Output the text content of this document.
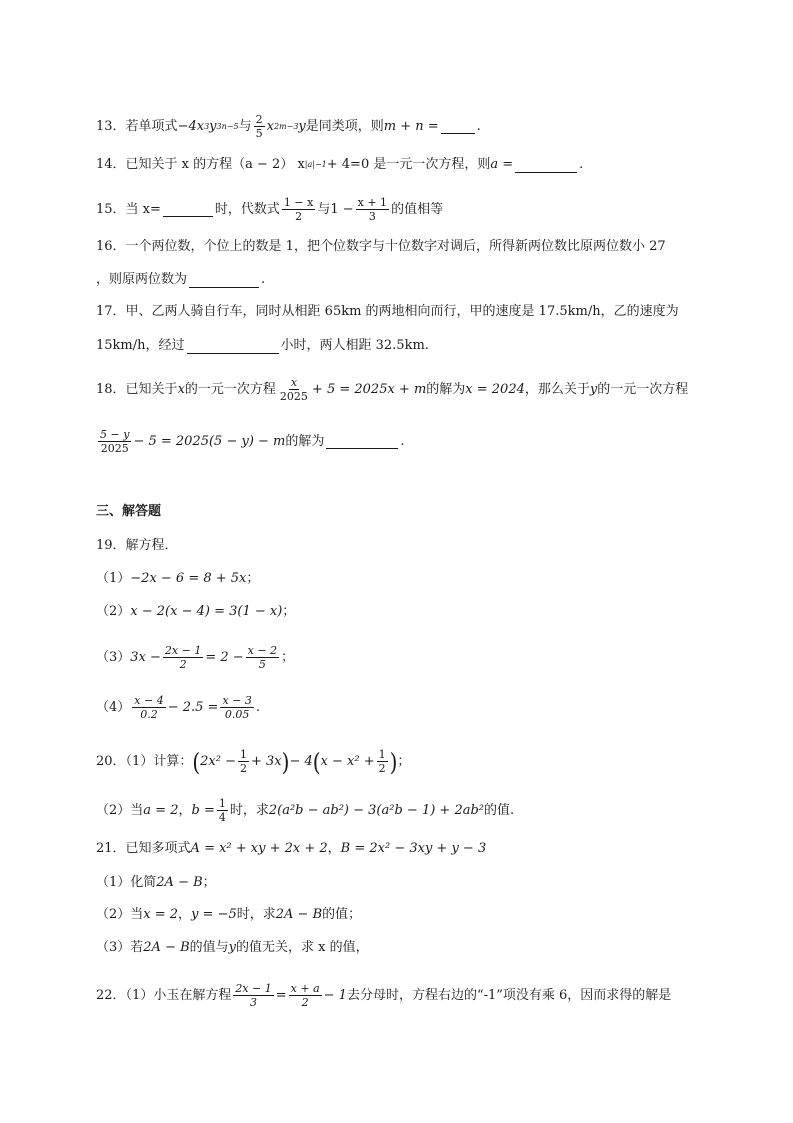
13． 若单项式 −4 x 3 y 3n−5 与 $\frac{2}{5}$ x 2m−3 y 是同类项，则 m + n =	.
14． 已知关于 x 的方程（a − 2） x |a|−1 + 4=0 是一元一次方程，则 a =	.
15． 当 x=	时，代数式 $\frac{1 - x}{2}$ 与$1 - \frac{x + 1}{3}$ 的值相等
16．一个两位数，个位上的数是 1，把个位数字与十位数字对调后，所得新两位数比原两位数小 27
，则原两位数为	.
17．甲、乙两人骑自行车，同时从相距 65km 的两地相向而行，甲的速度是 17.5km/h，乙的速度为
15km/h，经过	小时，两人相距 32.5km.
18． 已知关于 x 的一元一次方程 $\frac{x}{2025} + 5 = 2025x + m$ 的解为 x = 2024 ，那么关于 y 的一元一次方程
$\frac{5 - y}{2025} - 5 = 2025(5 - y) - m$ 的解为	.
三、解答题
19．解方程．
（1） −2x − 6 = 8 + 5x ；
（2） x − 2(x − 4) = 3(1 − x) ；
（3） $3x - \frac{2x - 1}{2} = 2 - \frac{x - 2}{5}$ ；
$(4) \frac{x - 4}{0.2} - 2.5 = \frac{x - 3}{0.05}$ .
20．（1）计算： ( $2x^2 - \frac{1}{2} + 3x$ ) − 4 ( $x - x^2 + \frac{1}{2}$ ) ；
（2）当 a = 2 ， $b = \frac{1}{4}$ 时，求 2(a²b − ab²) − 3(a²b − 1) + 2ab² 的值.
21．已知多项式 A = x² + xy + 2x + 2 ， B = 2x² − 3xy + y − 3
（1）化简 2A − B ；
（2）当 x = 2 ， y = −5 时，求 2A − B 的值；
（3）若 2A − B 的值与 y 的值无关，求 x 的值，
22．（1）小玉在解方程 $\frac{2x - 1}{3} = \frac{x + a}{2} - 1$ 去分母时，方程右边的“-1”项没有乘 6，因而求得的解是
